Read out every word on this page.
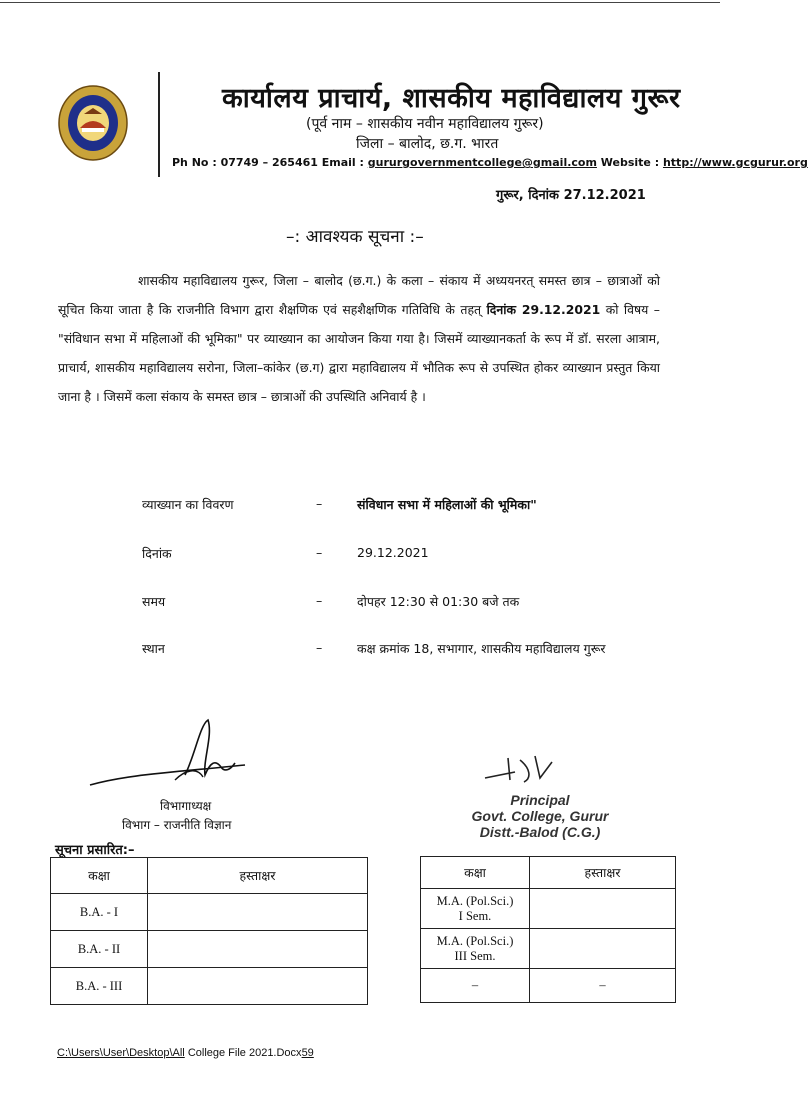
कार्यालय प्राचार्य, शासकीय महाविद्यालय गुरूर
(पूर्व नाम – शासकीय नवीन महाविद्यालय गुरूर)
जिला – बालोद, छ.ग. भारत
Ph No : 07749 – 265461 Email : gururgovernmentcollege@gmail.com Website : http://www.gcgurur.org
गुरूर, दिनांक 27.12.2021
–: आवश्यक सूचना :–

शासकीय महाविद्यालय गुरूर, जिला – बालोद (छ.ग.) के कला – संकाय में अध्ययनरत् समस्त छात्र – छात्राओं को सूचित किया जाता है कि राजनीति विभाग द्वारा शैक्षणिक एवं सहशैक्षणिक गतिविधि के तहत् दिनांक 29.12.2021 को विषय – "संविधान सभा में महिलाओं की भूमिका" पर व्याख्यान का आयोजन किया गया है। जिसमें व्याख्यानकर्ता के रूप में डॉ. सरला आत्राम, प्राचार्य, शासकीय महाविद्यालय सरोना, जिला–कांकेर (छ.ग) द्वारा महाविद्यालय में भौतिक रूप से उपस्थित होकर व्याख्यान प्रस्तुत किया जाना है । जिसमें कला संकाय के समस्त छात्र – छात्राओं की उपस्थिति अनिवार्य है ।

व्याख्यान का विवरण	–	संविधान सभा में महिलाओं की भूमिका"
दिनांक	–	29.12.2021
समय	–	दोपहर 12:30 से 01:30 बजे तक
स्थान	–	कक्ष क्रमांक 18, सभागार, शासकीय महाविद्यालय गुरूर
विभागाध्यक्ष
विभाग – राजनीति विज्ञान
Principal
Govt. College, Gurur
Distt.-Balod (C.G.)
सूचना प्रसारित:–
कक्षा	हस्ताक्षर
B.A. - I	
B.A. - II	
B.A. - III	
कक्षा	हस्ताक्षर

M.A. (Pol.Sci.)
I Sem.	

M.A. (Pol.Sci.)
III Sem.	

–	–
C:\Users\User\Desktop\All College File 2021.Docx59
